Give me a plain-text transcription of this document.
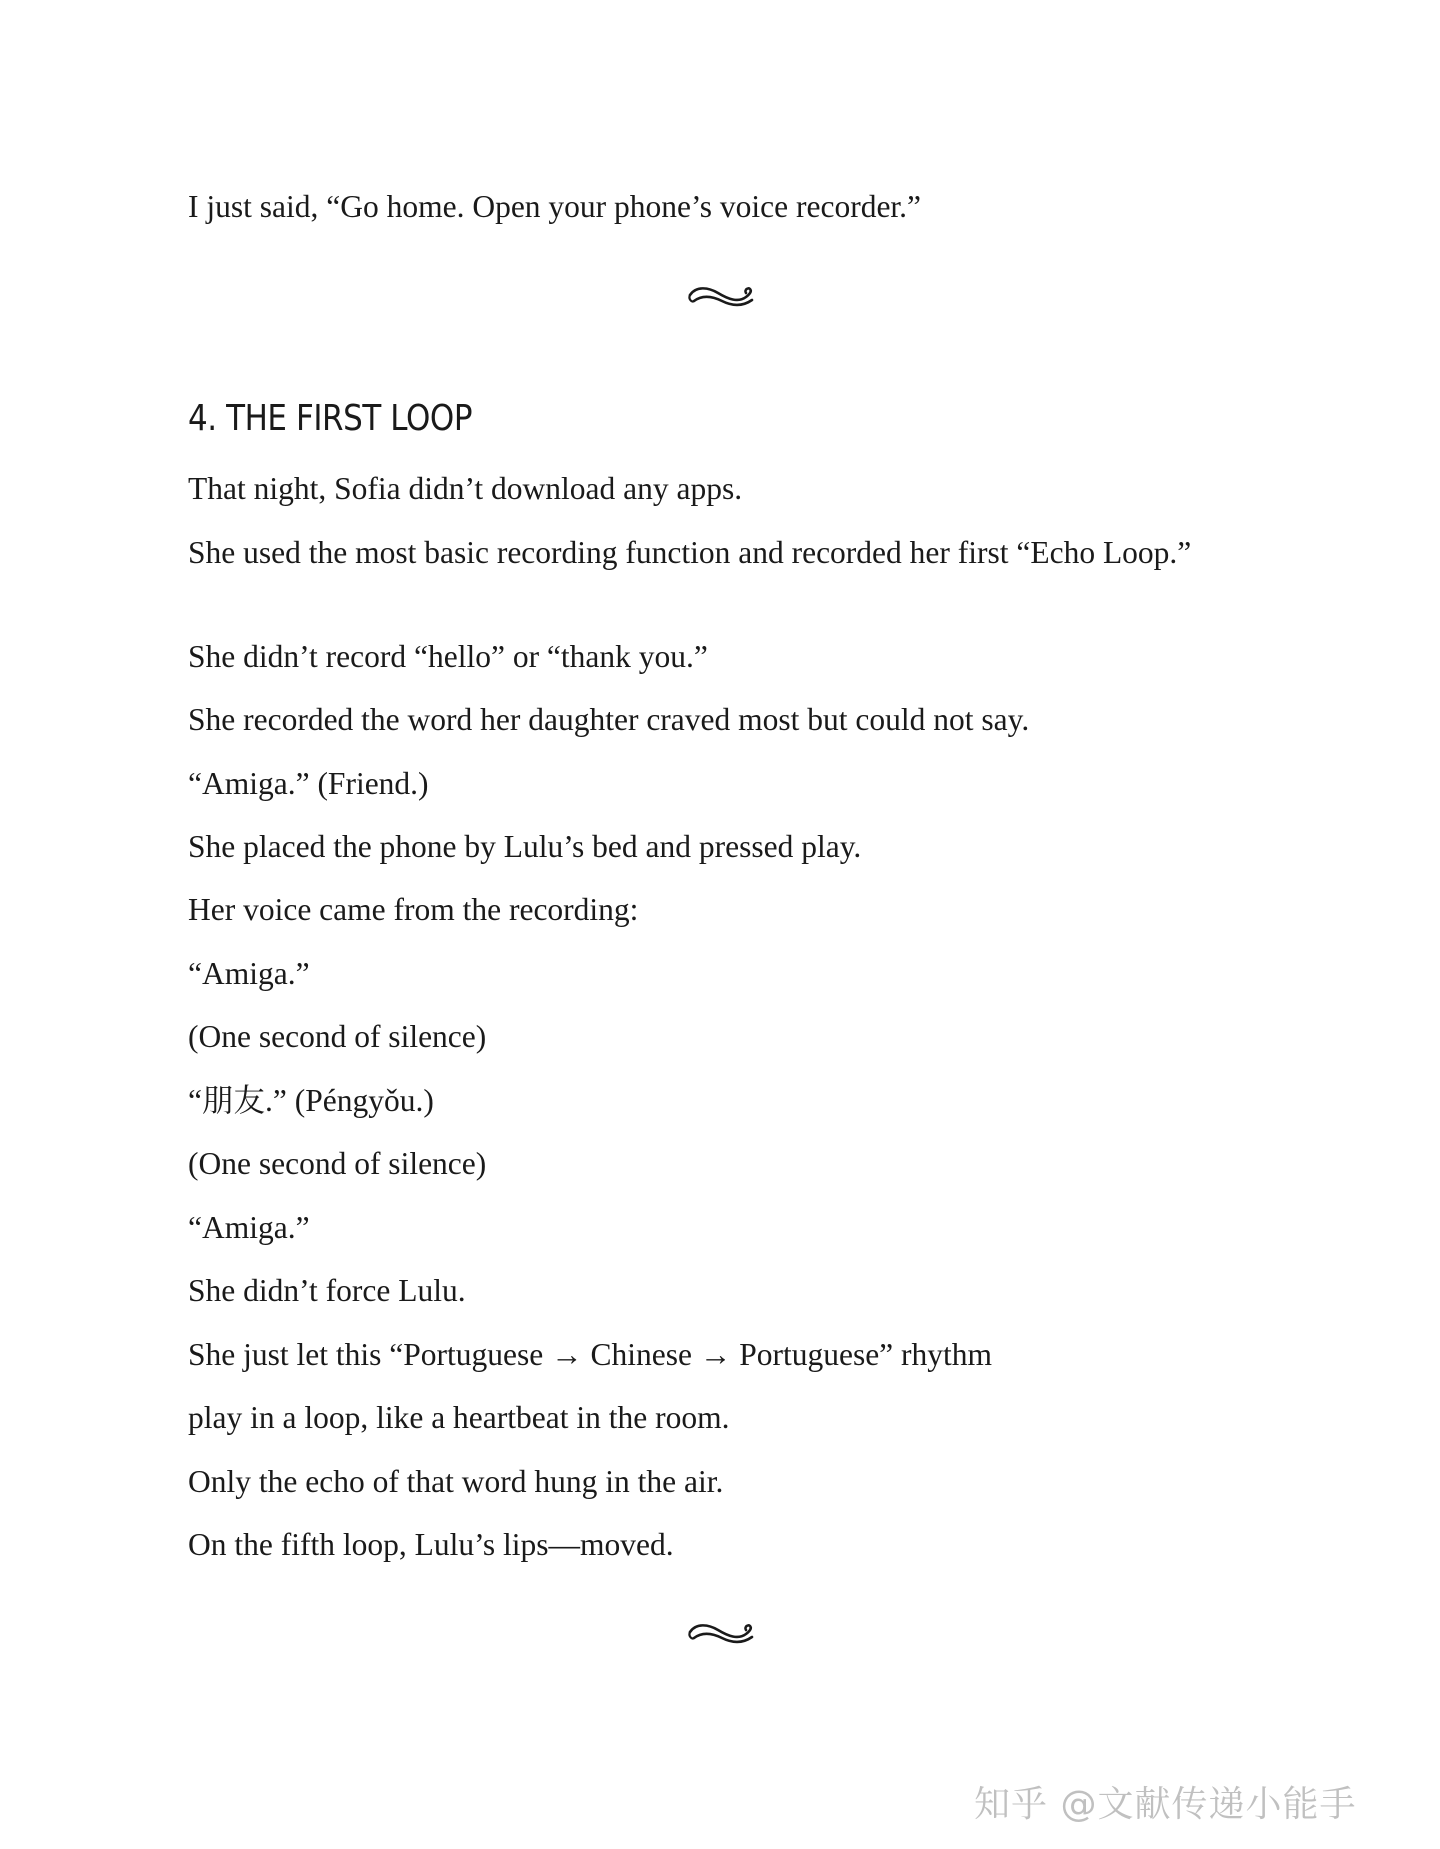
I just said, “Go home. Open your phone’s voice recorder.”

4. THE FIRST LOOP

That night, Sofia didn’t download any apps.

She used the most basic recording function and recorded her first “Echo Loop.”

She didn’t record “hello” or “thank you.”

She recorded the word her daughter craved most but could not say.

“Amiga.” (Friend.)

She placed the phone by Lulu’s bed and pressed play.

Her voice came from the recording:

“Amiga.”

(One second of silence)

“朋友.” (Péngyǒu.)

(One second of silence)

“Amiga.”

She didn’t force Lulu.

She just let this “Portuguese → Chinese → Portuguese” rhythm

play in a loop, like a heartbeat in the room.

Only the echo of that word hung in the air.

On the fifth loop, Lulu’s lips—moved.

知乎 @文献传递小能手
